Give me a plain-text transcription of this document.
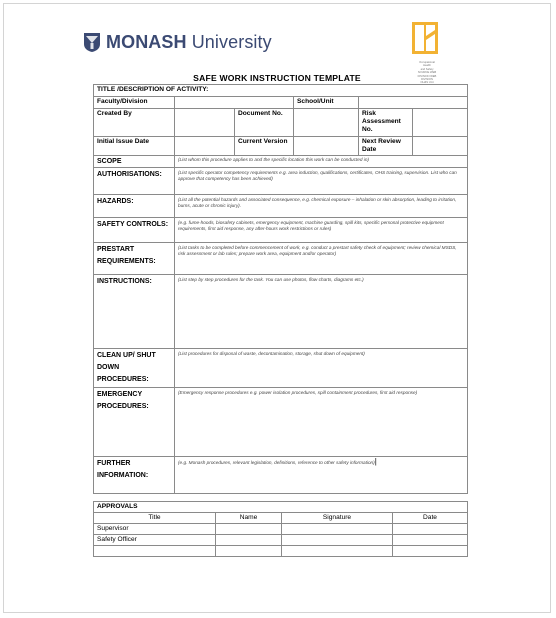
MONASH University
Occupational
Health
and Safety
SOURCE WEB
DIVISION WEB
DIVISION
OH&S Unit
SAFE WORK INSTRUCTION TEMPLATE
TITLE /DESCRIPTION OF ACTIVITY:					
Faculty/Division			School/Unit		
Created By		Document No.		Risk Assessment No.	
Initial Issue Date		Current Version		Next Review Date	
SCOPE	(List whom this procedure applies to and the specific location this work can be conducted in)				
AUTHORISATIONS:	(List specific operator competency requirements e.g. area induction, qualifications, certificates, OHS training, supervision. List who can approve that competency has been achieved)				
HAZARDS:	(List all the potential hazards and associated consequence, e.g. chemical exposure – inhalation or skin absorption, leading to irritation, burns, acute or chronic injury).				
SAFETY CONTROLS:	(e.g. fume-hoods, biosafety cabinets, emergency equipment, machine guarding, spill kits, specific personal protective equipment requirements, first aid response, any after-hours work restrictions or rules)				
PRESTART REQUIREMENTS:	(List tasks to be completed before commencement of work, e.g. conduct a prestart safety check of equipment; review chemical MSDS, risk assessment or lab rules; prepare work area, equipment and/or operator)				
INSTRUCTIONS:	(List step by step procedures for the task. You can use photos, flow charts, diagrams etc.)				
CLEAN UP/ SHUT DOWN PROCEDURES:	(List procedures for disposal of waste, decontamination, storage, shut down of equipment)				
EMERGENCY PROCEDURES:	(Emergency response procedures e.g. power isolation procedures, spill containment procedures, first aid response)				
FURTHER INFORMATION:	(e.g. Monash procedures, relevant legislation, definitions, reference to other safety information)|				
APPROVALS			
Title	Name	Signature	Date
Supervisor			
Safety Officer			
